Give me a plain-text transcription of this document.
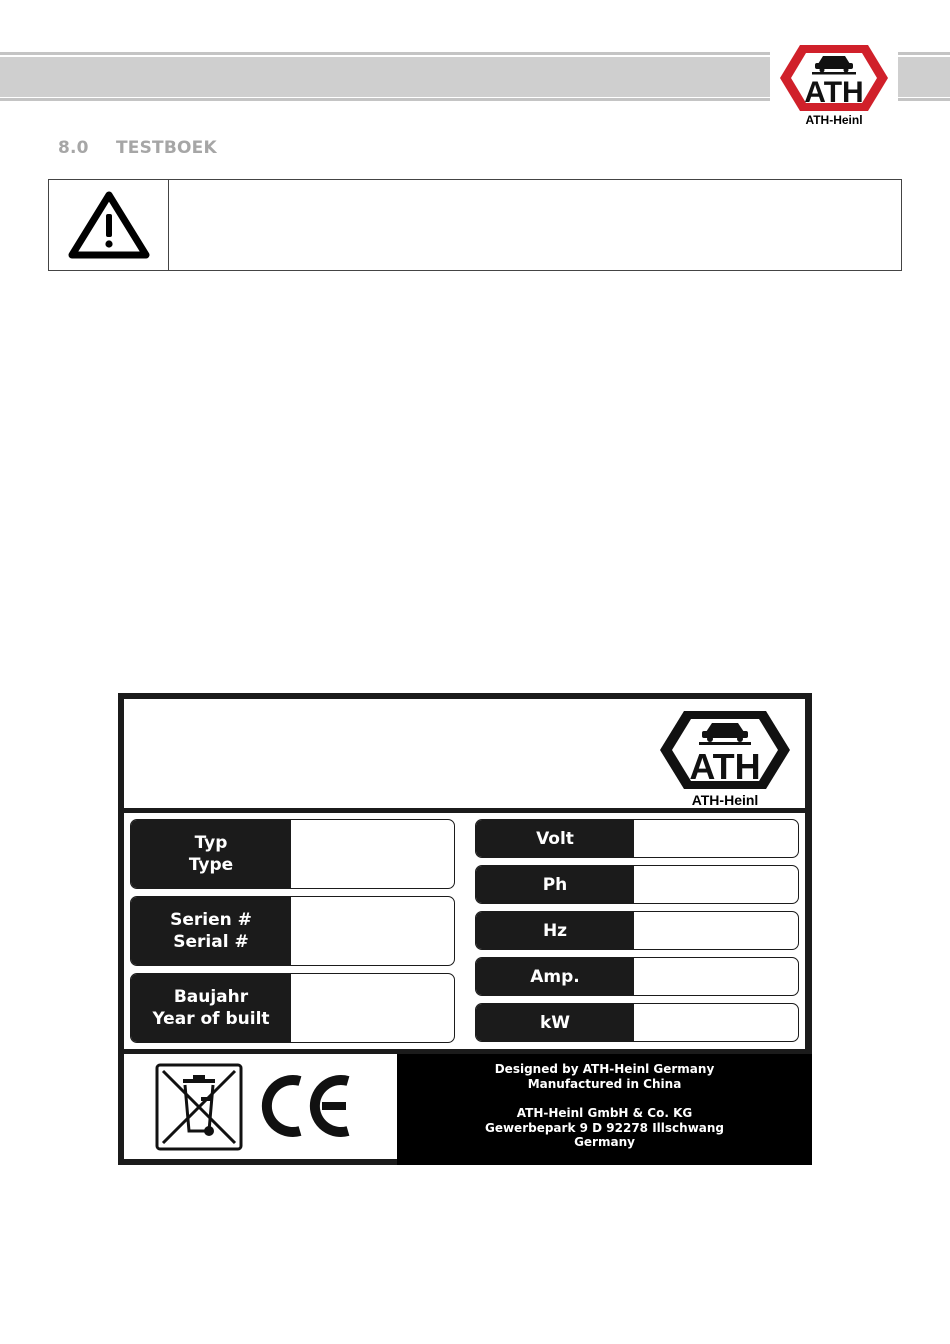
ATH
ATH-Heinl
8.0 TESTBOEK
ATH
ATH-Heinl
Typ
Type
Serien #
Serial #
Baujahr
Year of built
Volt
Ph
Hz
Amp.
kW
Designed by ATH-Heinl Germany
Manufactured in China
ATH-Heinl GmbH & Co. KG
Gewerbepark 9 D 92278 Illschwang
Germany
